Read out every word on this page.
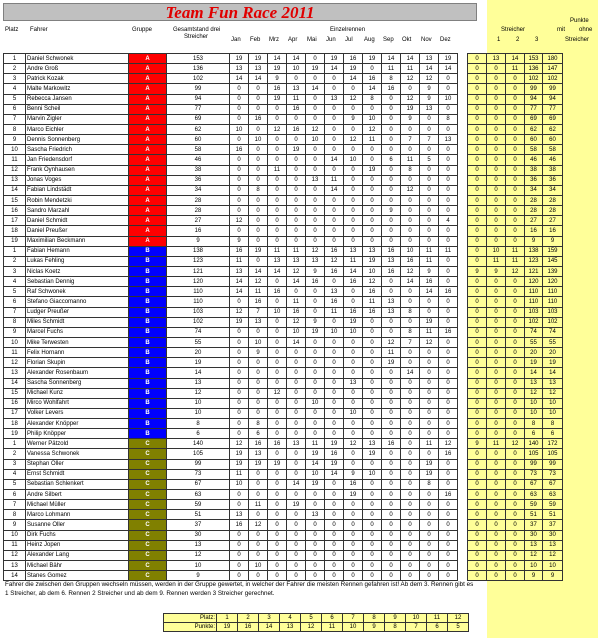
Team Fun Race 2011
Platz Fahrer	Gruppe	Gesamtstand drei
Streicher
Einzelrennen	Streicher
1	2	3
Punkte
mit ohne
Streicher
Jan Feb Mrz Apr Mai Jun Jul Aug Sep Okt Nov Dez
1	Daniel Schwonek	A	153	19	19	14	14	0	19	16	19	14	14	13	19		0	13	14	153	180
2	Andre Groß	A	136	13	13	19	10	19	14	19	0	11	11	14	14		0	0	11	136	147
3	Patrick Kozak	A	102	14	14	9	0	0	0	14	16	8	12	12	0		0	0	0	102	102
4	Malte Markowitz	A	99	0	0	16	13	14	0	0	14	16	0	9	0		0	0	0	99	99
5	Rebecca Jansen	A	94	0	0	19	11	0	13	12	8	0	12	9	10		0	0	0	94	94
6	Benni Scheil	A	77	0	0	0	16	0	0	0	0	0	19	13	0		0	0	0	77	77
7	Marvin Zigler	A	69	0	16	0	0	0	0	9	10	0	9	0	8		0	0	0	69	69
8	Marco Eichler	A	62	10	0	12	16	12	0	0	12	0	0	0	0		0	0	0	62	62
9	Dennis Sonnenberg	A	60	0	10	0	0	10	0	12	11	0	7	7	13		0	0	0	60	60
10	Sascha Friedrich	A	58	16	0	0	19	0	0	0	0	0	0	0	0		0	0	0	58	58
11	Jan Friedensdorf	A	46	0	0	0	0	0	14	10	0	6	11	5	0		0	0	0	46	46
12	Frank Oynhausen	A	38	0	0	11	0	0	0	0	19	0	8	0	0		0	0	0	38	38
13	Jonas Voges	A	36	0	0	0	0	13	11	0	0	0	0	0	0		0	0	0	36	36
14	Fabian Lindstädt	A	34	0	8	0	0	0	14	0	0	0	12	0	0		0	0	0	34	34
15	Robin Mendetzki	A	28	0	0	0	0	0	0	0	0	0	0	0	0		0	0	0	28	28
16	Sandro Marzahl	A	28	0	0	0	0	0	0	0	0	9	0	0	0		0	0	0	28	28
17	Daniel Schmidt	A	27	12	0	0	0	0	0	0	0	0	0	0	4		0	0	0	27	27
18	Daniel Preußer	A	16	0	0	0	0	0	0	0	0	0	0	0	0		0	0	0	16	16
19	Maximilian Beckmann	A	9	9	0	0	0	0	0	0	0	0	0	0	0		0	0	0	9	9
1	Fabian Hemann	B	138	16	19	11	11	12	16	13	13	16	10	11	11		0	10	11	138	159
2	Lukas Fehling	B	123	11	0	13	13	13	12	11	19	13	16	11	0		0	11	11	123	145
3	Niclas Koetz	B	121	13	14	14	12	9	16	14	10	16	12	9	0		9	9	12	121	139
4	Sebastian Dennig	B	120	14	12	0	14	16	0	16	12	0	14	16	0		0	0	0	120	120
5	Raf Schwonek	B	110	14	11	16	0	0	13	0	16	0	0	14	16		0	0	0	110	110
6	Stefano Giaccomanno	B	110	0	16	0	11	0	16	0	11	13	0	0	0		0	0	0	110	110
7	Ludger Preußer	B	103	12	7	10	16	0	11	16	16	13	8	0	0		0	0	0	103	103
8	Miles Schmidt	B	102	19	13	0	12	9	0	19	0	0	0	19	0		0	0	0	102	102
9	Marcel Fuchs	B	74	0	0	0	10	19	10	10	0	0	8	11	16		0	0	0	74	74
10	Mike Terwesten	B	55	0	10	0	14	0	0	0	0	12	7	12	0		0	0	0	55	55
11	Felix Hornann	B	20	0	9	0	0	0	0	0	0	11	0	0	0		0	0	0	20	20
12	Florian Skupin	B	19	0	0	0	0	0	0	0	0	19	0	0	0		0	0	0	19	19
13	Alexander Rosenbaum	B	14	0	0	0	0	0	0	0	0	0	14	0	0		0	0	0	14	14
14	Sascha Sonnenberg	B	13	0	0	0	0	0	0	13	0	0	0	0	0		0	0	0	13	13
15	Michael Kunz	B	12	0	0	12	0	0	0	0	0	0	0	0	0		0	0	0	12	12
16	Mirco Wohlfahrt	B	10	0	0	0	0	10	0	0	0	0	0	0	0		0	0	0	10	10
17	Volker Levers	B	10	0	0	0	0	0	0	10	0	0	0	0	0		0	0	0	10	10
18	Alexander Knöpper	B	8	0	8	0	0	0	0	0	0	0	0	0	0		0	0	0	8	8
19	Philip Knöpper	B	6	0	6	0	0	0	0	0	0	0	0	0	0		0	0	0	6	6
1	Werner Pätzold	C	140	12	16	16	13	11	19	12	13	16	0	11	12		9	11	12	140	172
2	Vanessa Schwonek	C	105	19	13	0	0	19	16	0	19	0	0	0	16		0	0	0	105	105
3	Stephan Oller	C	99	19	19	19	0	14	19	0	0	0	0	19	0		0	0	0	99	99
4	Ernst Schmidt	C	73	11	0	0	0	10	14	9	10	0	0	19	0		0	0	0	73	73
5	Sebastian Schlenkert	C	67	10	0	0	14	19	0	16	0	0	0	8	0		0	0	0	67	67
6	Andre Silbert	C	63	0	0	0	0	0	0	19	0	0	0	0	16		0	0	0	63	63
7	Michael Müller	C	59	0	11	0	19	0	0	0	0	0	0	0	0		0	0	0	59	59
8	Marco Lohmann	C	51	13	0	0	0	13	0	0	0	0	0	0	0		0	0	0	51	51
9	Susanne Oller	C	37	16	12	0	0	0	0	0	0	0	0	0	0		0	0	0	37	37
10	Dirk Fuchs	C	30	0	0	0	0	0	0	0	0	0	0	0	0		0	0	0	30	30
11	Heinz Jopen	C	13	0	0	0	0	0	0	0	0	0	0	0	0		0	0	0	13	13
12	Alexander Lang	C	12	0	0	0	0	0	0	0	0	0	0	0	0		0	0	0	12	12
13	Michael Bähr	C	10	0	10	0	0	0	0	0	0	0	0	0	0		0	0	0	10	10
14	Stanes Gomez	C	9	0	0	0	0	0	0	0	0	0	0	0	0		0	0	0	9	9
Fahrer die zwischen den Gruppen wechseln müssen, werden in der Gruppe gewertet, in welcher der Fahrer die meisten Rennen gefahren ist! Ab dem 3. Rennen gibt es 1 Streicher, ab dem 6. Rennen 2 Streicher und ab dem 9. Rennen werden 3 Streicher gerechnet.
Platz:	1	2	3	4	5	6	7	8	9	10	11	12
Punkte:	19	16	14	13	12	11	10	9	8	7	6	5
